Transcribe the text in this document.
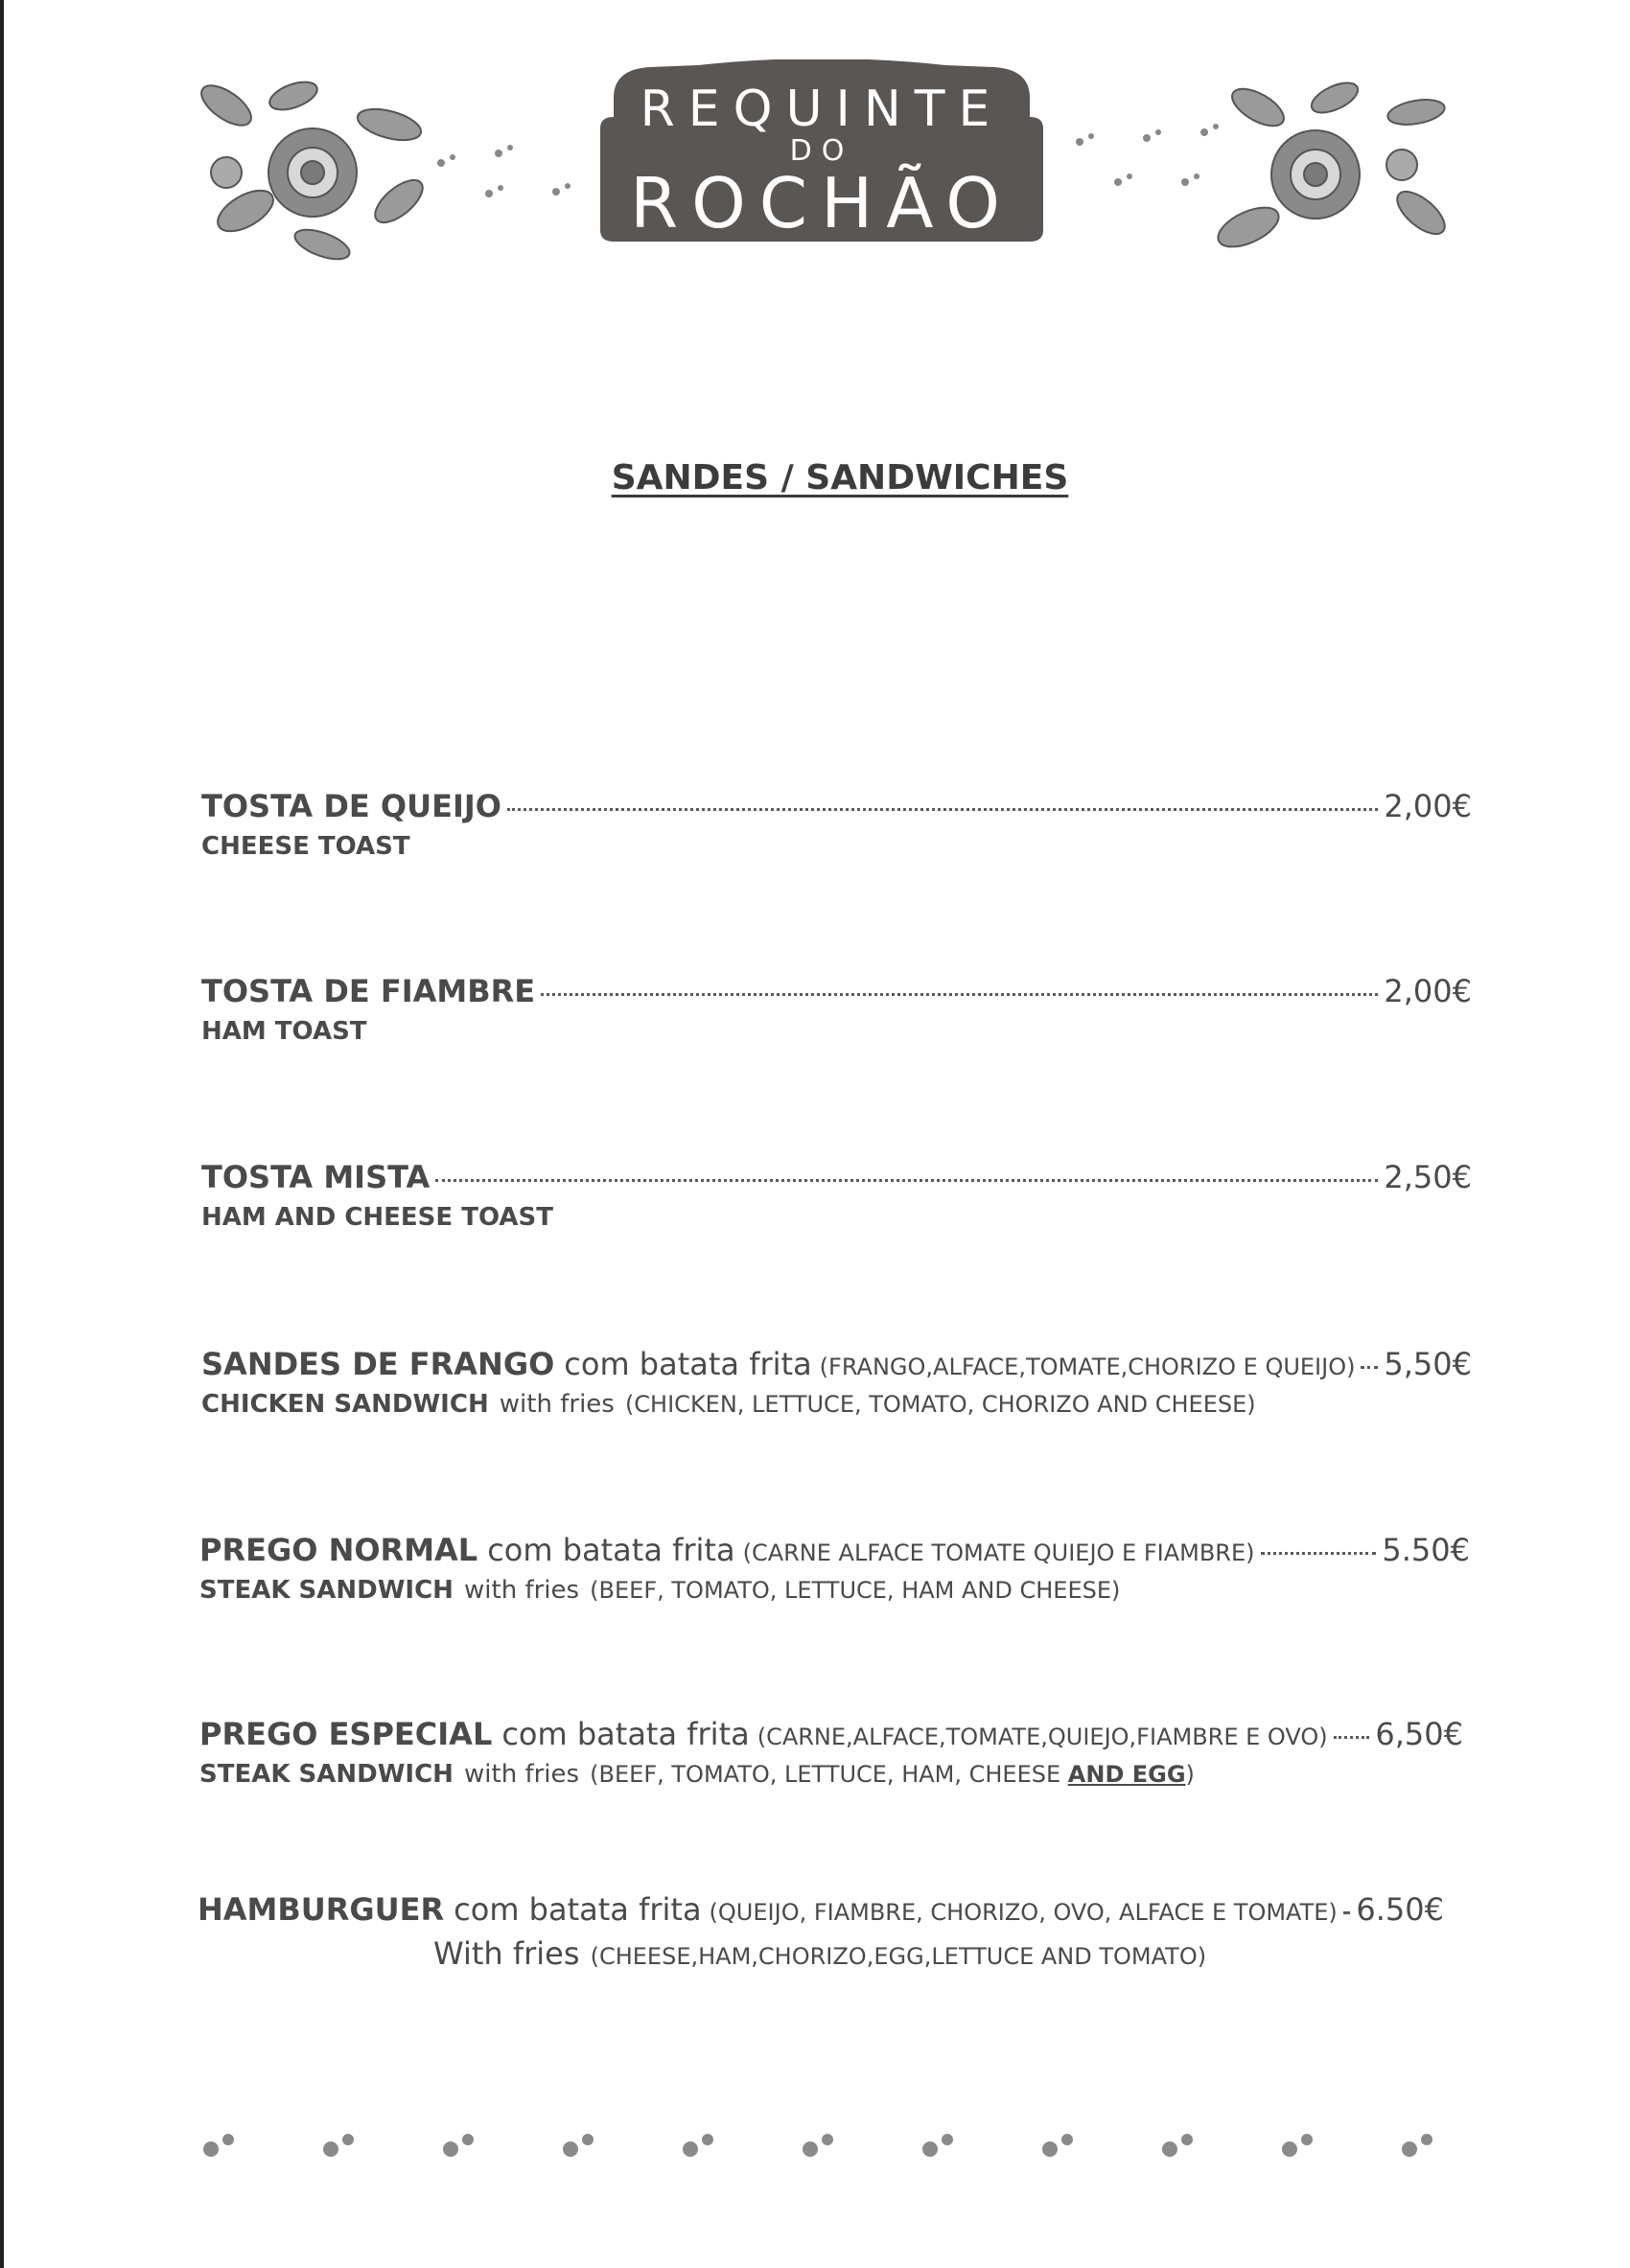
REQUINTE
DO
ROCHÃO
SANDES / SANDWICHES
TOSTA DE QUEIJO	2,00€
CHEESE TOAST
TOSTA DE FIAMBRE	2,00€
HAM TOAST
TOSTA MISTA	2,50€
HAM AND CHEESE TOAST
SANDES DE FRANGO com batata frita (FRANGO,ALFACE,TOMATE,CHORIZO E QUEIJO) 5,50€
CHICKEN SANDWICH with fries (CHICKEN, LETTUCE, TOMATO, CHORIZO AND CHEESE)
PREGO NORMAL com batata frita (CARNE ALFACE TOMATE QUIEJO E FIAMBRE)	5.50€
STEAK SANDWICH with fries (BEEF, TOMATO, LETTUCE, HAM AND CHEESE)
PREGO ESPECIAL com batata frita (CARNE,ALFACE,TOMATE,QUIEJO,FIAMBRE E OVO) 6,50€
STEAK SANDWICH with fries (BEEF, TOMATO, LETTUCE, HAM, CHEESE AND EGG)
HAMBURGUER com batata frita (QUEIJO, FIAMBRE, CHORIZO, OVO, ALFACE E TOMATE) 6.50€
With fries (CHEESE,HAM,CHORIZO,EGG,LETTUCE AND TOMATO)
